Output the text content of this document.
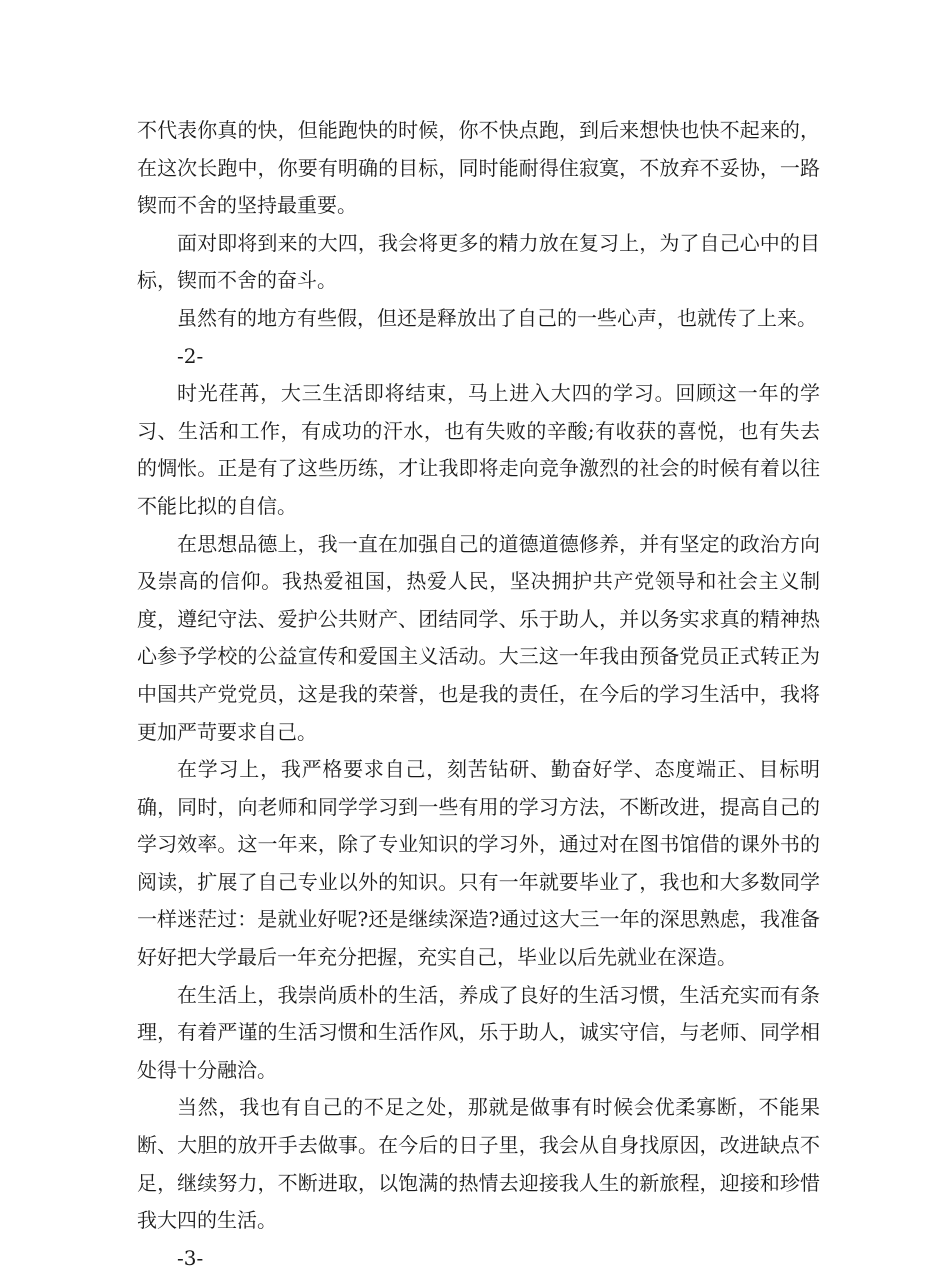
不代表你真的快，但能跑快的时候，你不快点跑，到后来想快也快不起来的，在这次长跑中，你要有明确的目标，同时能耐得住寂寞，不放弃不妥协，一路锲而不舍的坚持最重要。

面对即将到来的大四，我会将更多的精力放在复习上，为了自己心中的目标，锲而不舍的奋斗。

虽然有的地方有些假，但还是释放出了自己的一些心声，也就传了上来。

-2-

时光荏苒，大三生活即将结束，马上进入大四的学习。回顾这一年的学习、生活和工作，有成功的汗水，也有失败的辛酸;有收获的喜悦，也有失去的惆怅。正是有了这些历练，才让我即将走向竞争激烈的社会的时候有着以往不能比拟的自信。

在思想品德上，我一直在加强自己的道德道德修养，并有坚定的政治方向及崇高的信仰。我热爱祖国，热爱人民，坚决拥护共产党领导和社会主义制度，遵纪守法、爱护公共财产、团结同学、乐于助人，并以务实求真的精神热心参予学校的公益宣传和爱国主义活动。大三这一年我由预备党员正式转正为中国共产党党员，这是我的荣誉，也是我的责任，在今后的学习生活中，我将更加严苛要求自己。

在学习上，我严格要求自己，刻苦钻研、勤奋好学、态度端正、目标明确，同时，向老师和同学学习到一些有用的学习方法，不断改进，提高自己的学习效率。这一年来，除了专业知识的学习外，通过对在图书馆借的课外书的阅读，扩展了自己专业以外的知识。只有一年就要毕业了，我也和大多数同学一样迷茫过：是就业好呢?还是继续深造?通过这大三一年的深思熟虑，我准备好好把大学最后一年充分把握，充实自己，毕业以后先就业在深造。

在生活上，我崇尚质朴的生活，养成了良好的生活习惯，生活充实而有条理，有着严谨的生活习惯和生活作风，乐于助人，诚实守信，与老师、同学相处得十分融洽。

当然，我也有自己的不足之处，那就是做事有时候会优柔寡断，不能果断、大胆的放开手去做事。在今后的日子里，我会从自身找原因，改进缺点不足，继续努力，不断进取，以饱满的热情去迎接我人生的新旅程，迎接和珍惜我大四的生活。

-3-
